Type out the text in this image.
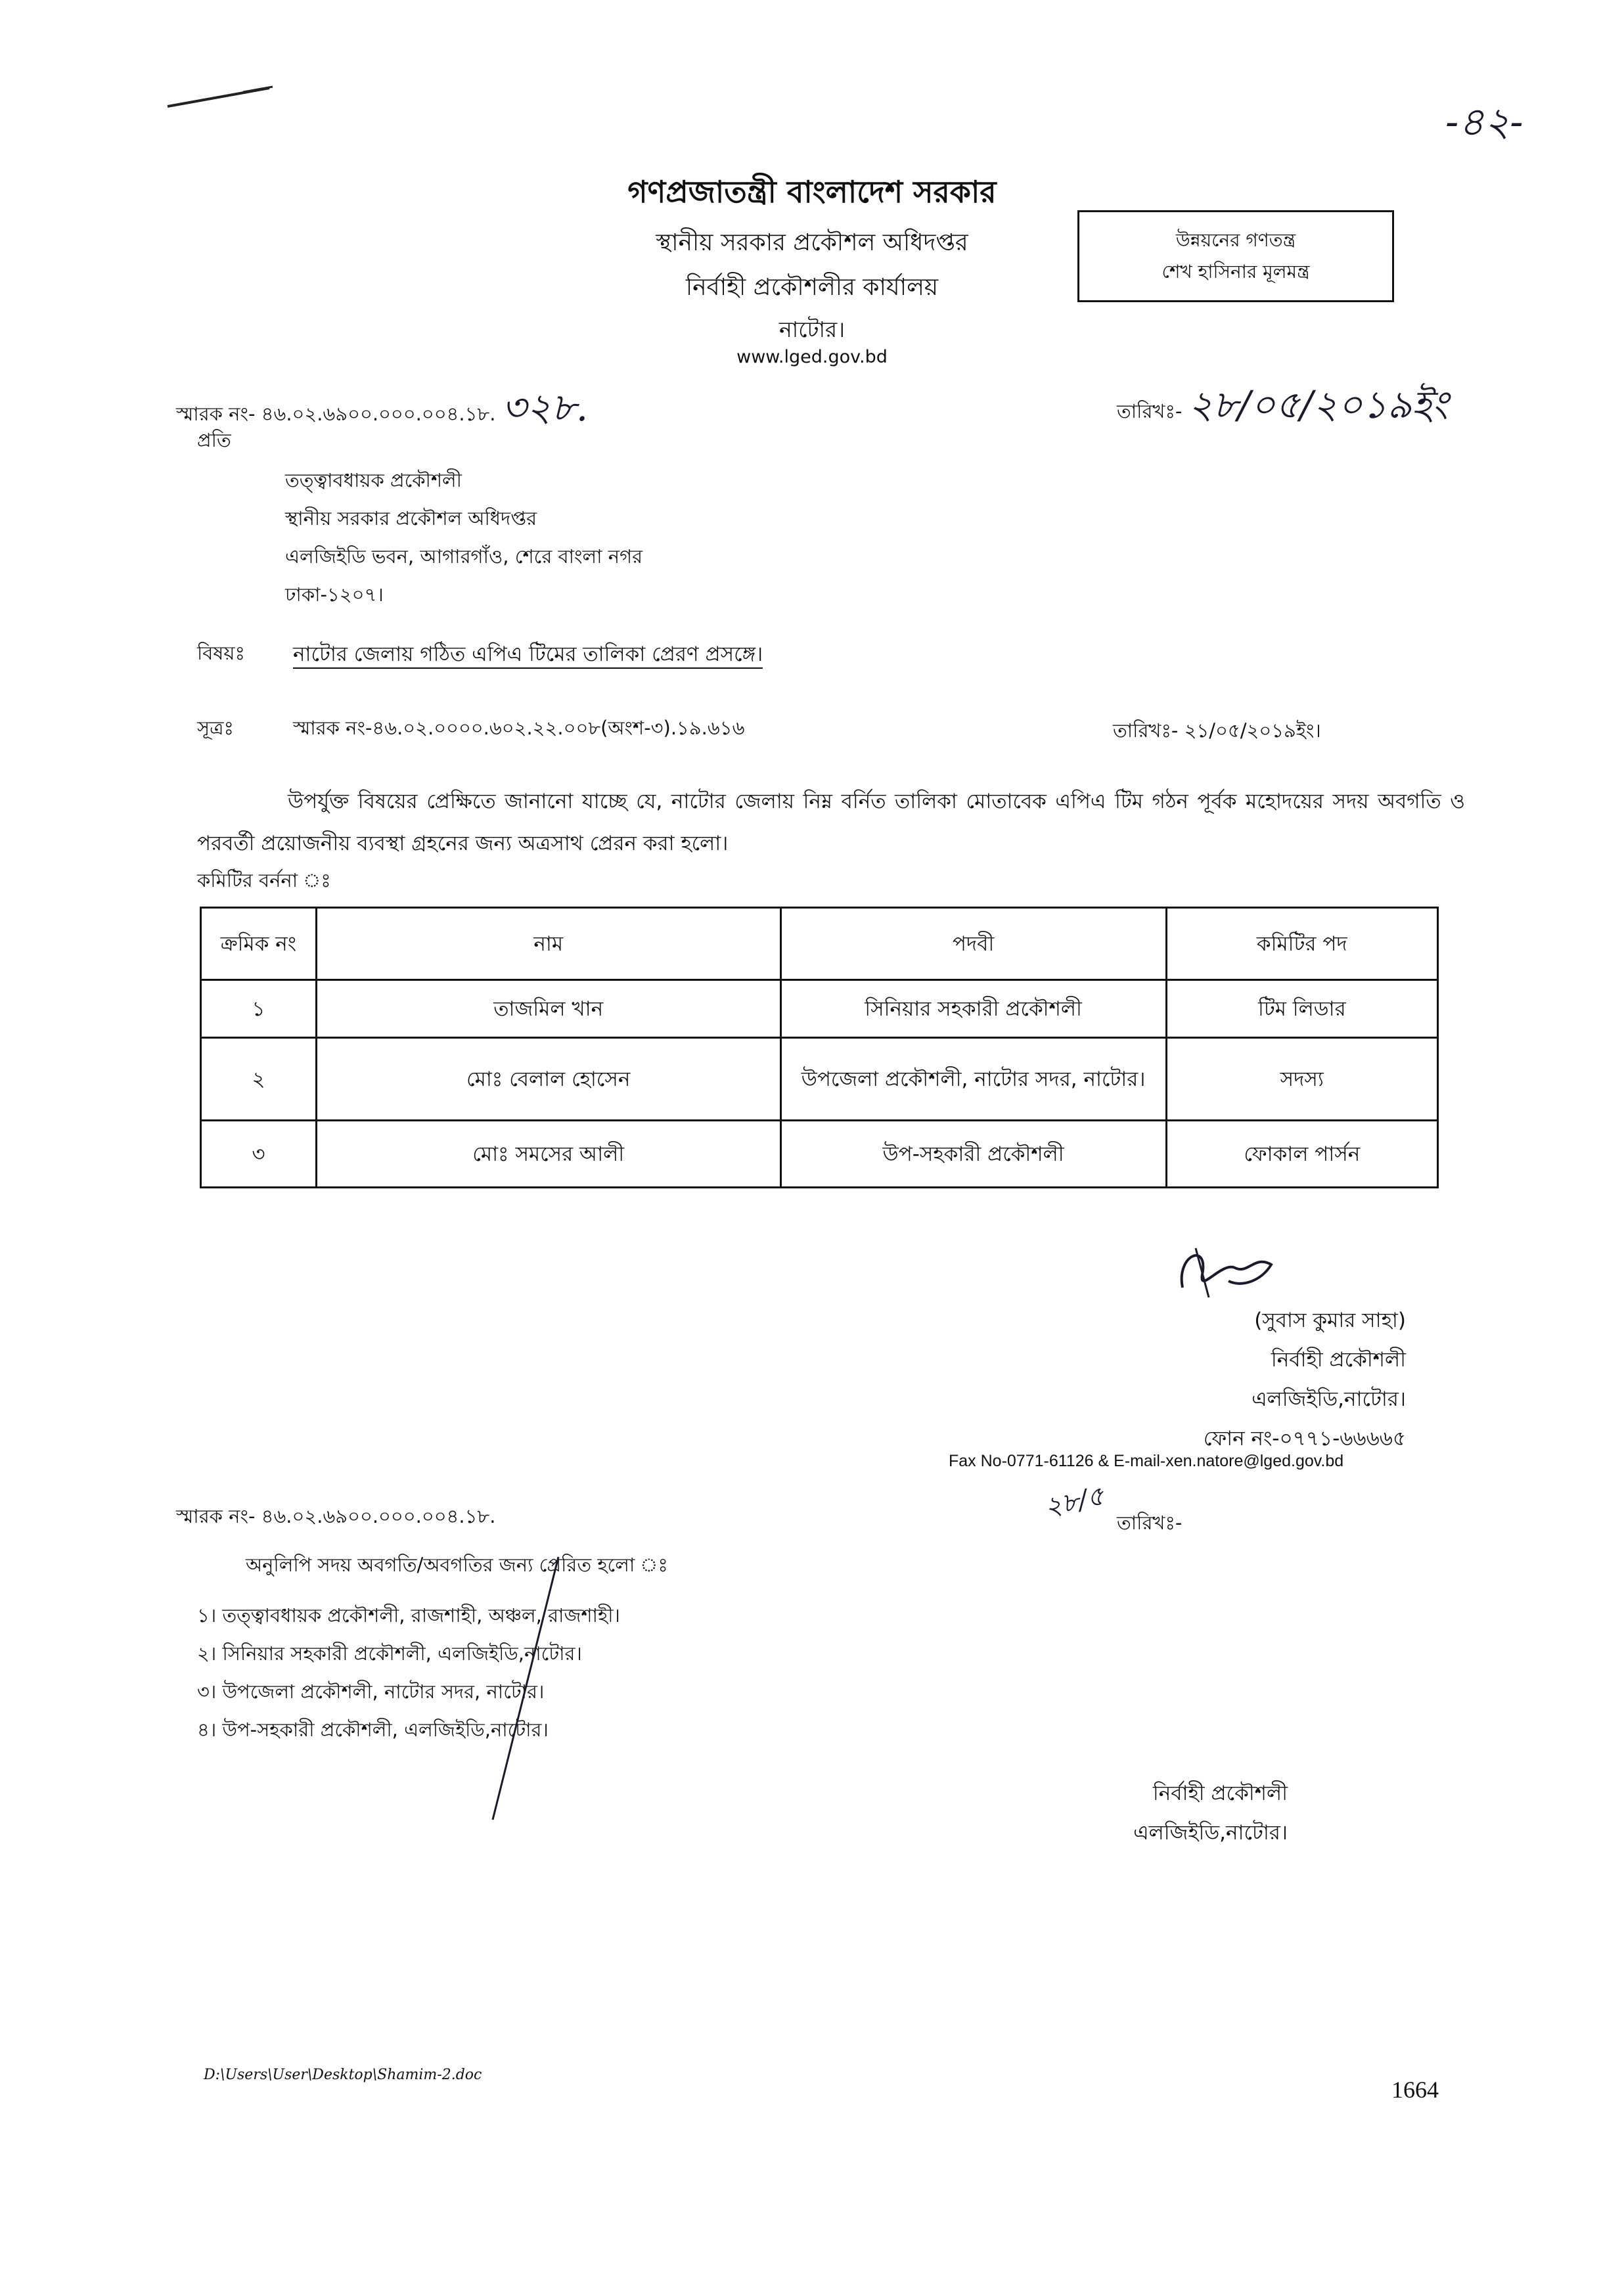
-৪২-
গণপ্রজাতন্ত্রী বাংলাদেশ সরকার
স্থানীয় সরকার প্রকৌশল অধিদপ্তর
নির্বাহী প্রকৌশলীর কার্যালয়
নাটোর।
www.lged.gov.bd
উন্নয়নের গণতন্ত্র
শেখ হাসিনার মূলমন্ত্র
স্মারক নং- ৪৬.০২.৬৯০০.০০০.০০৪.১৮. ৩২৮.	তারিখঃ- ২৮/০৫/২০১৯ইং
প্রতি
তত্ত্বাবধায়ক প্রকৌশলী
স্থানীয় সরকার প্রকৌশল অধিদপ্তর
এলজিইডি ভবন, আগারগাঁও, শেরে বাংলা নগর
ঢাকা-১২০৭।
বিষয়ঃ নাটোর জেলায় গঠিত এপিএ টিমের তালিকা প্রেরণ প্রসঙ্গে।
সূত্রঃ	স্মারক নং-৪৬.০২.০০০০.৬০২.২২.০০৮(অংশ-৩).১৯.৬১৬	তারিখঃ- ২১/০৫/২০১৯ইং।
উপর্যুক্ত বিষয়ের প্রেক্ষিতে জানানো যাচ্ছে যে, নাটোর জেলায় নিম্ন বর্নিত তালিকা মোতাবেক এপিএ টিম গঠন পূর্বক মহোদয়ের সদয় অবগতি ও পরবর্তী প্রয়োজনীয় ব্যবস্থা গ্রহনের জন্য অত্রসাথ প্রেরন করা হলো।
কমিটির বর্ননা ঃ
ক্রমিক নং	নাম	পদবী	কমিটির পদ
১	তাজমিল খান	সিনিয়ার সহকারী প্রকৌশলী	টিম লিডার
২	মোঃ বেলাল হোসেন	উপজেলা প্রকৌশলী, নাটোর সদর, নাটোর।	সদস্য
৩	মোঃ সমসের আলী	উপ-সহকারী প্রকৌশলী	ফোকাল পার্সন
(সুবাস কুমার সাহা)
নির্বাহী প্রকৌশলী
এলজিইডি,নাটোর।
ফোন নং-০৭৭১-৬৬৬৬৫
Fax No-0771-61126 & E-mail-xen.natore@lged.gov.bd
স্মারক নং- ৪৬.০২.৬৯০০.০০০.০০৪.১৮.	২৮/৫ তারিখঃ-
অনুলিপি সদয় অবগতি/অবগতির জন্য প্রেরিত হলো ঃ
১। তত্ত্বাবধায়ক প্রকৌশলী, রাজশাহী, অঞ্চল, রাজশাহী।
২। সিনিয়ার সহকারী প্রকৌশলী, এলজিইডি,নাটোর।
৩। উপজেলা প্রকৌশলী, নাটোর সদর, নাটোর।
৪। উপ-সহকারী প্রকৌশলী, এলজিইডি,নাটোর।
নির্বাহী প্রকৌশলী
এলজিইডি,নাটোর।
D:\Users\User\Desktop\Shamim-2.doc
1664
